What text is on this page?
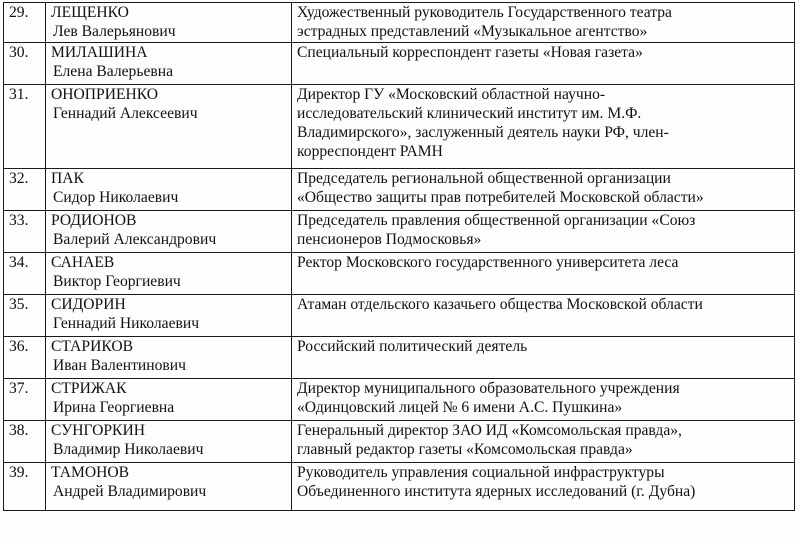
29.	ЛЕЩЕНКО
Лев Валерьянович	Художественный руководитель Государственного театра
эстрадных представлений «Музыкальное агентство»

30.	МИЛАШИНА
Елена Валерьевна	Специальный корреспондент газеты «Новая газета»

31.	ОНОПРИЕНКО
Геннадий Алексеевич	Директор ГУ «Московский областной научно-
исследовательский клинический институт им. М.Ф.
Владимирского», заслуженный деятель науки РФ, член-
корреспондент РАМН

32.	ПАК
Сидор Николаевич	Председатель региональной общественной организации
«Общество защиты прав потребителей Московской области»

33.	РОДИОНОВ
Валерий Александрович	Председатель правления общественной организации «Союз
пенсионеров Подмосковья»

34.	САНАЕВ
Виктор Георгиевич	Ректор Московского государственного университета леса

35.	СИДОРИН
Геннадий Николаевич	Атаман отдельского казачьего общества Московской области

36.	СТАРИКОВ
Иван Валентинович	Российский политический деятель

37.	СТРИЖАК
Ирина Георгиевна	Директор муниципального образовательного учреждения
«Одинцовский лицей № 6 имени А.С. Пушкина»

38.	СУНГОРКИН
Владимир Николаевич	Генеральный директор ЗАО ИД «Комсомольская правда»,
главный редактор газеты «Комсомольская правда»

39.	ТАМОНОВ
Андрей Владимирович	Руководитель управления социальной инфраструктуры
Объединенного института ядерных исследований (г. Дубна)
